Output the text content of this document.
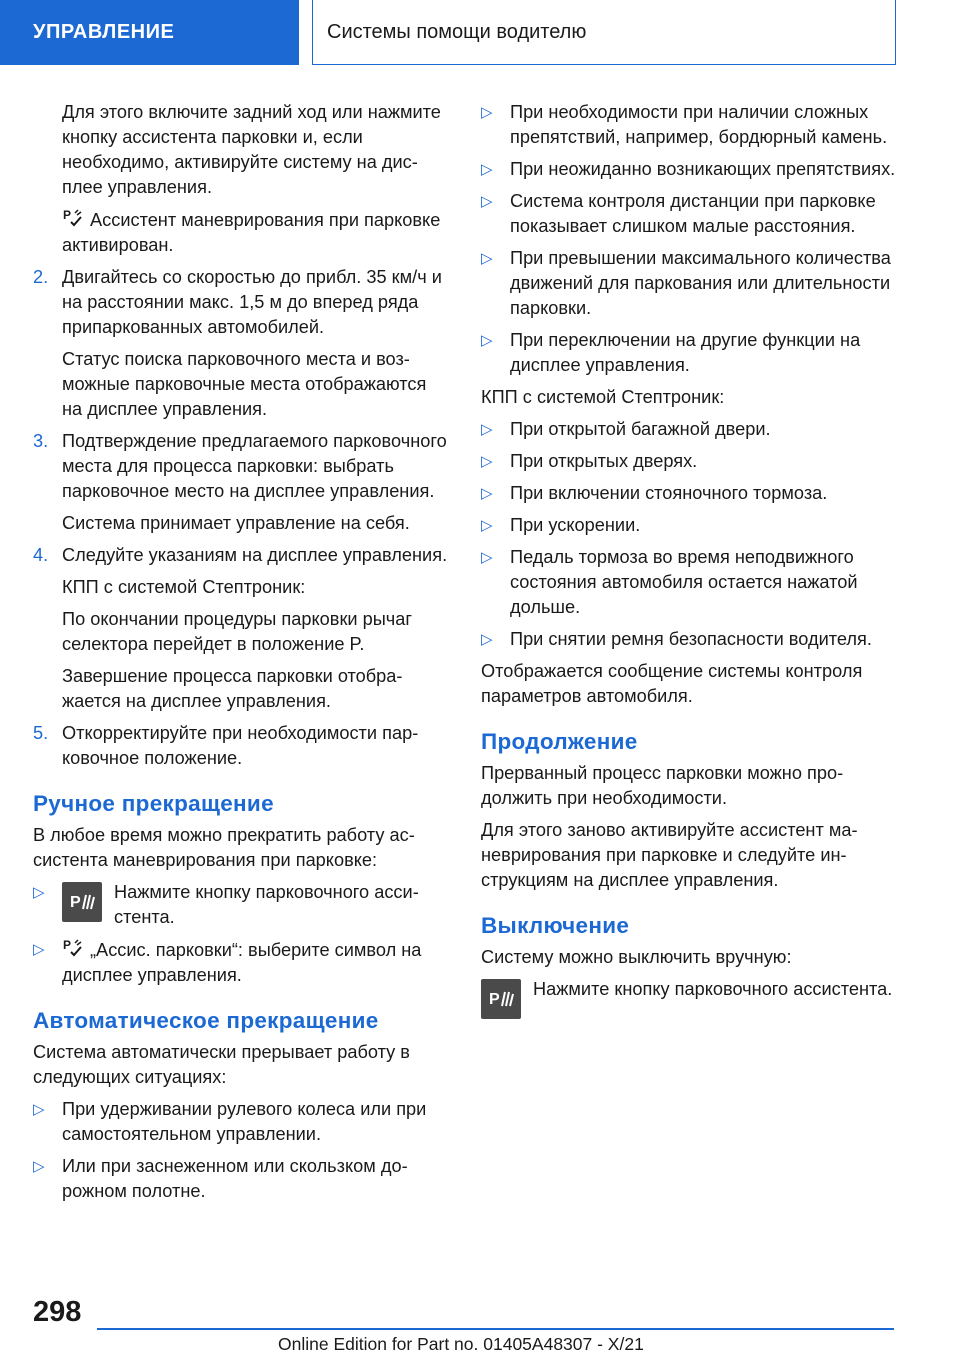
УПРАВЛЕНИЕ	Системы помощи водителю

Для этого включите задний ход или нажмите кнопку ассистента парковки и, если необходимо, активируйте систему на дисплее управления.

P Ассистент маневрирования при парковке активирован.

2. Двигайтесь со скоростью до прибл. 35 км/ч и на расстоянии макс. 1,5 м до вперед ряда припаркованных автомобилей.

Статус поиска парковочного места и возможные парковочные места отображаются на дисплее управления.

3. Подтверждение предлагаемого парковочного места для процесса парковки: выбрать парковочное место на дисплее управления.

Система принимает управление на себя.

4. Следуйте указаниям на дисплее управления.

КПП с системой Стептроник:

По окончании процедуры парковки рычаг селектора перейдет в положение P.

Завершение процесса парковки отображается на дисплее управления.

5. Откорректируйте при необходимости парковочное положение.

Ручное прекращение

В любое время можно прекратить работу ассистента маневрирования при парковке:

▷
P
Нажмите кнопку парковочного ассистента.
▷	P „Ассис. парковки“: выберите символ на дисплее управления.
Автоматическое прекращение

Система автоматически прерывает работу в следующих ситуациях:

▷ При удерживании рулевого колеса или при самостоятельном управлении.
▷ Или при заснеженном или скользком дорожном полотне.
▷ При необходимости при наличии сложных препятствий, например, бордюрный камень.
▷ При неожиданно возникающих препятствиях.
▷ Система контроля дистанции при парковке показывает слишком малые расстояния.
▷ При превышении максимального количества движений для паркования или длительности парковки.
▷ При переключении на другие функции на дисплее управления.

КПП с системой Стептроник:

▷ При открытой багажной двери.
▷ При открытых дверях.
▷ При включении стояночного тормоза.
▷ При ускорении.
▷ Педаль тормоза во время неподвижного состояния автомобиля остается нажатой дольше.
▷ При снятии ремня безопасности водителя.

Отображается сообщение системы контроля параметров автомобиля.

Продолжение

Прерванный процесс парковки можно продолжить при необходимости.

Для этого заново активируйте ассистент маневрирования при парковке и следуйте инструкциям на дисплее управления.

Выключение

Систему можно выключить вручную:

P
Нажмите кнопку парковочного ассистента.
298
Online Edition for Part no. 01405A48307 - X/21
